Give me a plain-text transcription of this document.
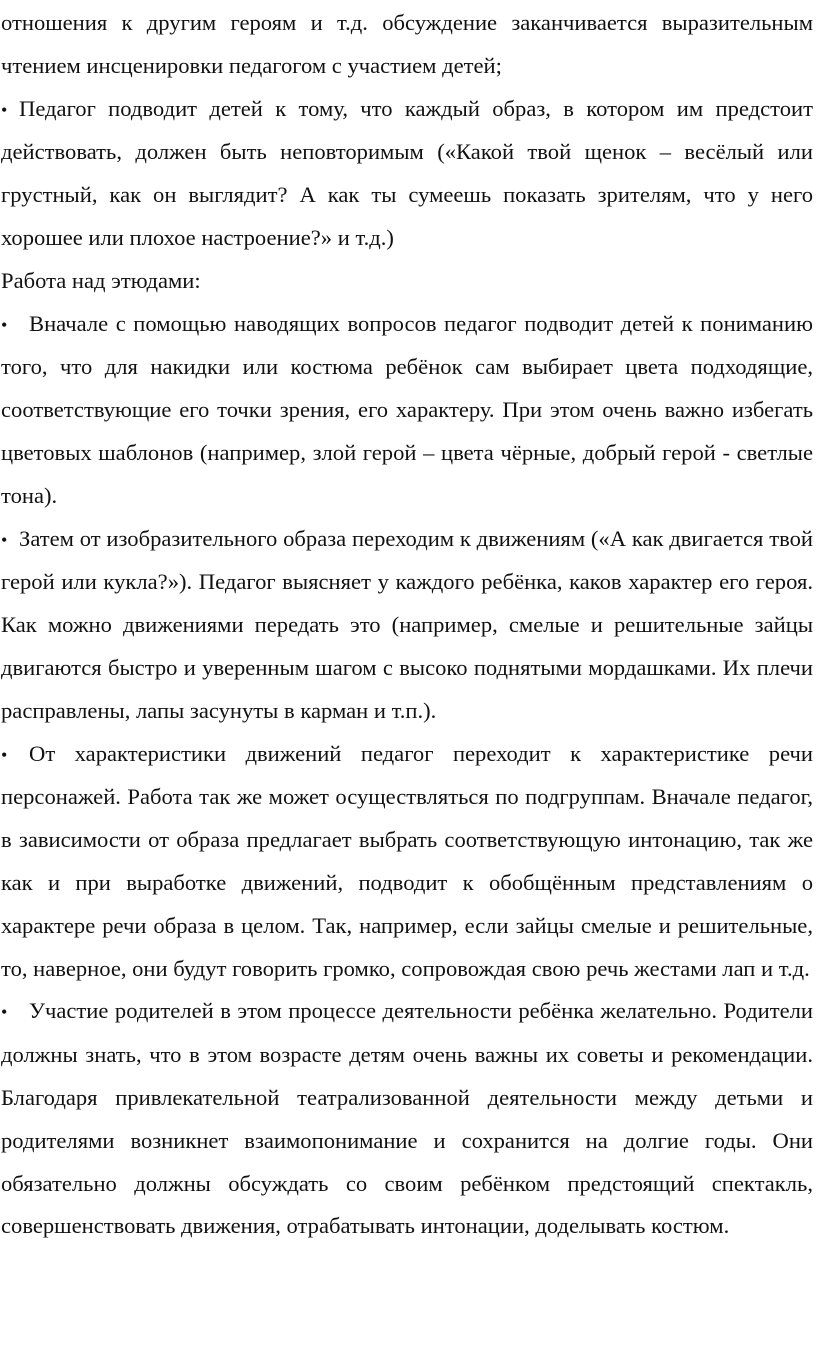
отношения к другим героям и т.д. обсуждение заканчивается выразительным чтением инсценировки педагогом с участием детей;

• Педагог подводит детей к тому, что каждый образ, в котором им предстоит действовать, должен быть неповторимым («Какой твой щенок – весёлый или грустный, как он выглядит? А как ты сумеешь показать зрителям, что у него хорошее или плохое настроение?» и т.д.)

Работа над этюдами:

• Вначале с помощью наводящих вопросов педагог подводит детей к пониманию того, что для накидки или костюма ребёнок сам выбирает цвета подходящие, соответствующие его точки зрения, его характеру. При этом очень важно избегать цветовых шаблонов (например, злой герой – цвета чёрные, добрый герой - светлые тона).

• Затем от изобразительного образа переходим к движениям («А как двигается твой герой или кукла?»). Педагог выясняет у каждого ребёнка, каков характер его героя. Как можно движениями передать это (например, смелые и решительные зайцы двигаются быстро и уверенным шагом с высоко поднятыми мордашками. Их плечи расправлены, лапы засунуты в карман и т.п.).

• От характеристики движений педагог переходит к характеристике речи персонажей. Работа так же может осуществляться по подгруппам. Вначале педагог, в зависимости от образа предлагает выбрать соответствующую интонацию, так же как и при выработке движений, подводит к обобщённым представлениям о характере речи образа в целом. Так, например, если зайцы смелые и решительные, то, наверное, они будут говорить громко, сопровождая свою речь жестами лап и т.д.

• Участие родителей в этом процессе деятельности ребёнка желательно. Родители должны знать, что в этом возрасте детям очень важны их советы и рекомендации. Благодаря привлекательной театрализованной деятельности между детьми и родителями возникнет взаимопонимание и сохранится на долгие годы. Они обязательно должны обсуждать со своим ребёнком предстоящий спектакль, совершенствовать движения, отрабатывать интонации, доделывать костюм.
